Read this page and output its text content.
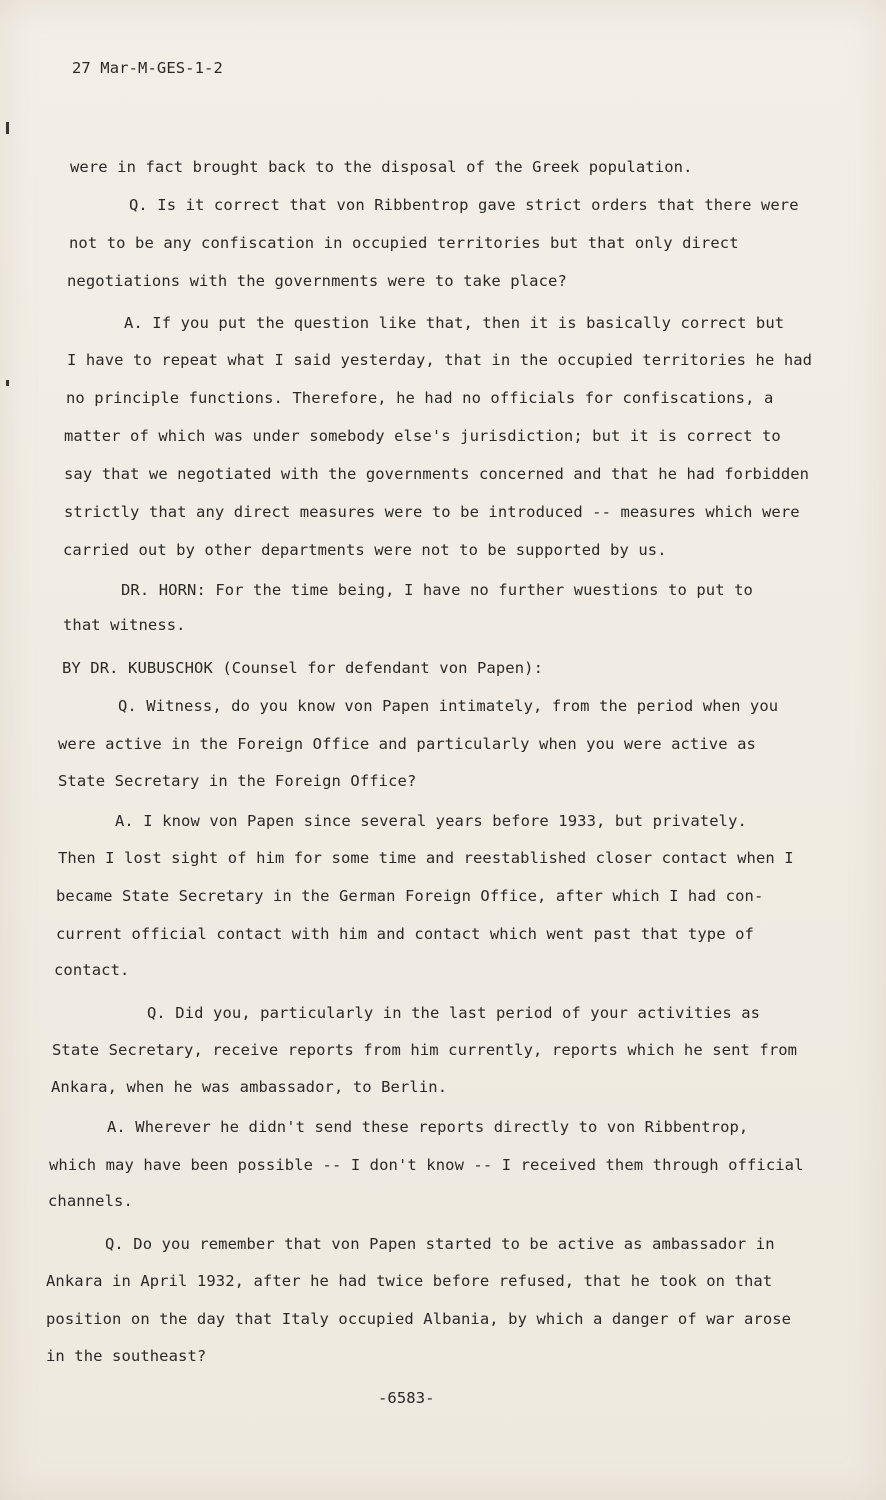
27 Mar-M-GES-1-2
were in fact brought back to the disposal of the Greek population.
Q. Is it correct that von Ribbentrop gave strict orders that there were
not to be any confiscation in occupied territories but that only direct
negotiations with the governments were to take place?
A. If you put the question like that, then it is basically correct but
I have to repeat what I said yesterday, that in the occupied territories he had
no principle functions. Therefore, he had no officials for confiscations, a
matter of which was under somebody else's jurisdiction; but it is correct to
say that we negotiated with the governments concerned and that he had forbidden
strictly that any direct measures were to be introduced -- measures which were
carried out by other departments were not to be supported by us.
DR. HORN: For the time being, I have no further wuestions to put to
that witness.
BY DR. KUBUSCHOK (Counsel for defendant von Papen):
Q. Witness, do you know von Papen intimately, from the period when you
were active in the Foreign Office and particularly when you were active as
State Secretary in the Foreign Office?
A. I know von Papen since several years before 1933, but privately.
Then I lost sight of him for some time and reestablished closer contact when I
became State Secretary in the German Foreign Office, after which I had con-
current official contact with him and contact which went past that type of
contact.
Q. Did you, particularly in the last period of your activities as
State Secretary, receive reports from him currently, reports which he sent from
Ankara, when he was ambassador, to Berlin.
A. Wherever he didn't send these reports directly to von Ribbentrop,
which may have been possible -- I don't know -- I received them through official
channels.
Q. Do you remember that von Papen started to be active as ambassador in
Ankara in April 1932, after he had twice before refused, that he took on that
position on the day that Italy occupied Albania, by which a danger of war arose
in the southeast?
-6583-
